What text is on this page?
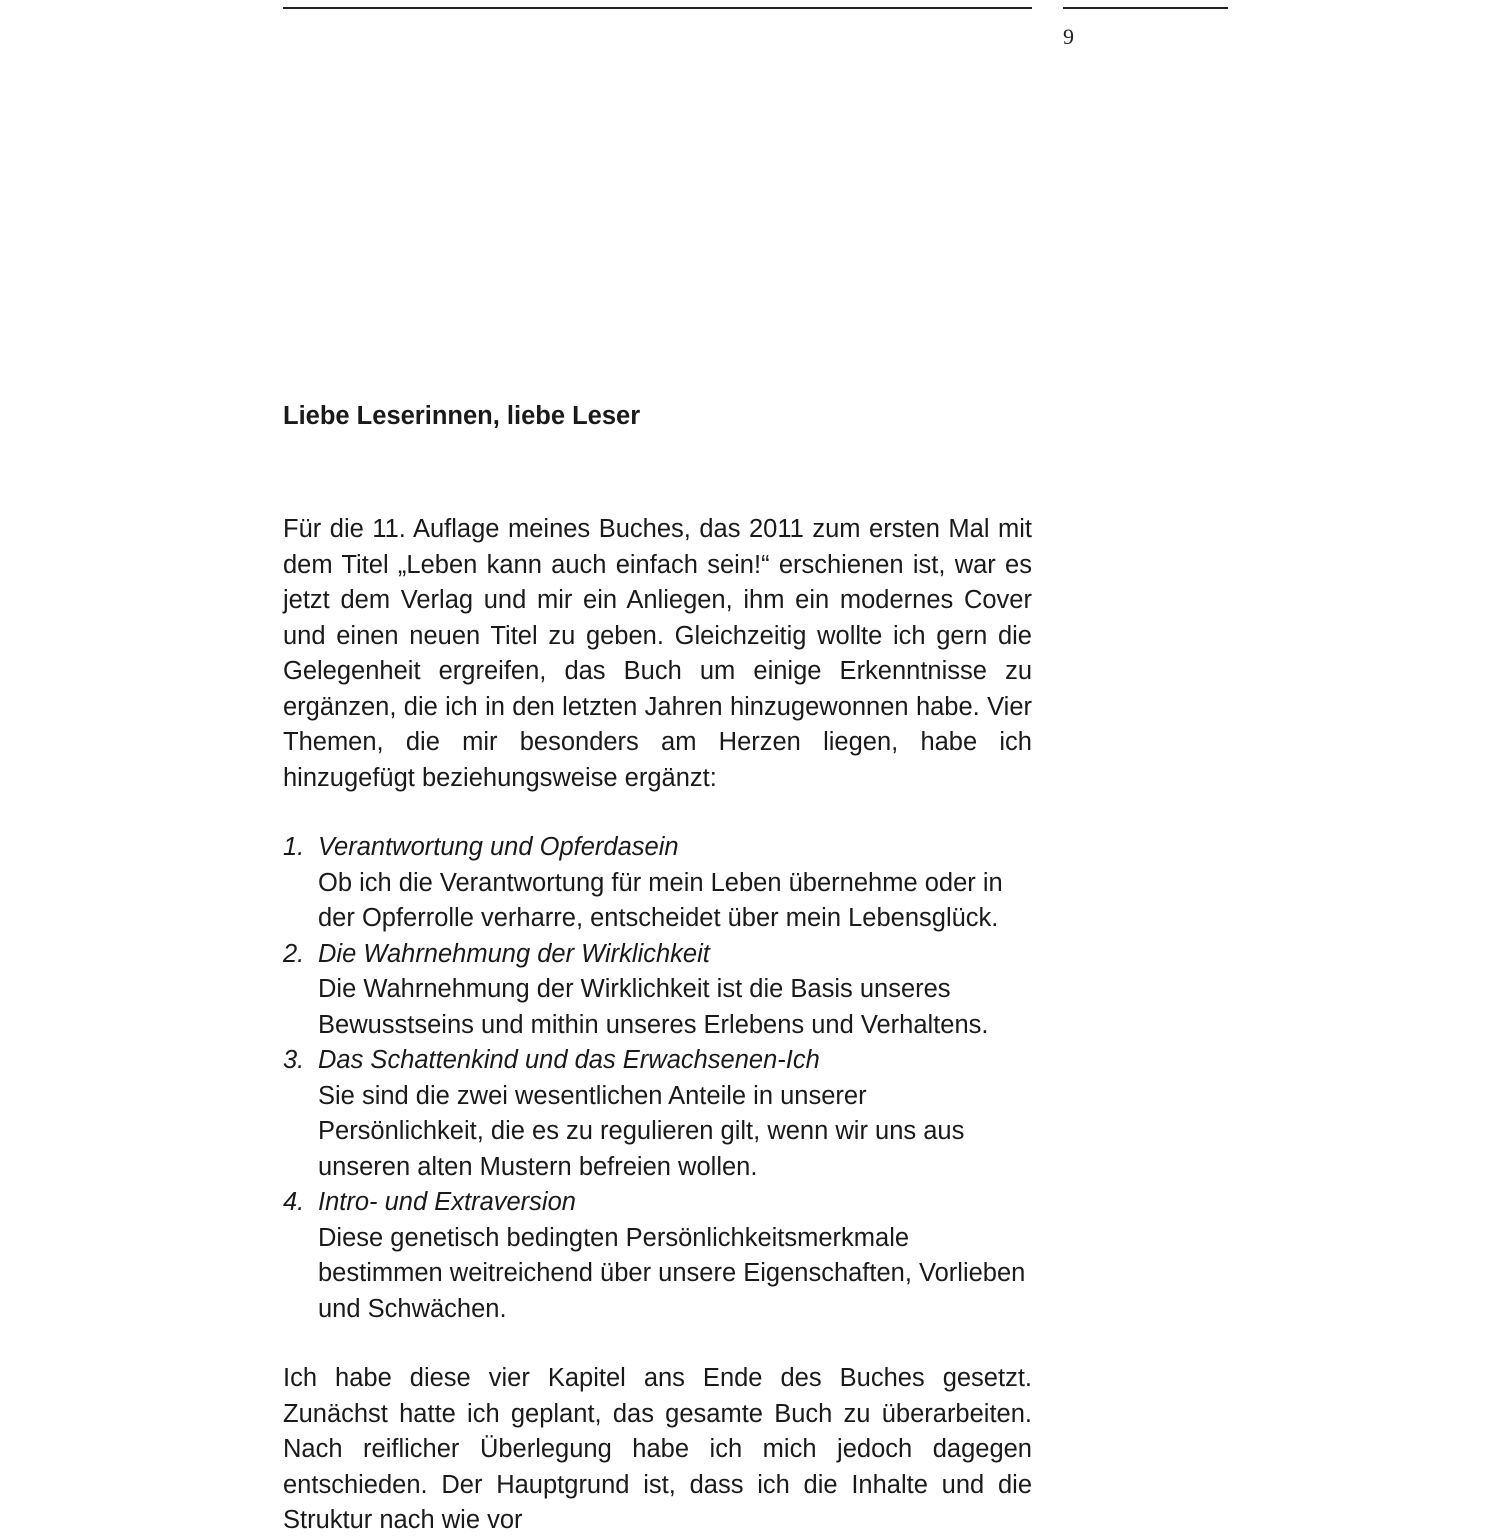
9
Liebe Leserinnen, liebe Leser
Für die 11. Auflage meines Buches, das 2011 zum ersten Mal mit dem Titel „Leben kann auch einfach sein!“ erschienen ist, war es jetzt dem Verlag und mir ein Anliegen, ihm ein modernes Cover und einen neuen Titel zu geben. Gleichzeitig wollte ich gern die Gelegenheit ergreifen, das Buch um einige Erkenntnisse zu ergänzen, die ich in den letzten Jahren hinzugewonnen habe. Vier Themen, die mir besonders am Herzen liegen, habe ich hinzugefügt beziehungsweise ergänzt:
1. Verantwortung und Opferdasein
Ob ich die Verantwortung für mein Leben übernehme oder in der Opferrolle verharre, entscheidet über mein Lebensglück.
2. Die Wahrnehmung der Wirklichkeit
Die Wahrnehmung der Wirklichkeit ist die Basis unseres Bewusstseins und mithin unseres Erlebens und Verhaltens.
3. Das Schattenkind und das Erwachsenen-Ich
Sie sind die zwei wesentlichen Anteile in unserer Persönlichkeit, die es zu regulieren gilt, wenn wir uns aus unseren alten Mustern befreien wollen.
4. Intro- und Extraversion
Diese genetisch bedingten Persönlichkeitsmerkmale bestimmen weitreichend über unsere Eigenschaften, Vorlieben und Schwächen.
Ich habe diese vier Kapitel ans Ende des Buches gesetzt. Zunächst hatte ich geplant, das gesamte Buch zu überarbeiten. Nach reiflicher Überlegung habe ich mich jedoch dagegen entschieden. Der Hauptgrund ist, dass ich die Inhalte und die Struktur nach wie vor
